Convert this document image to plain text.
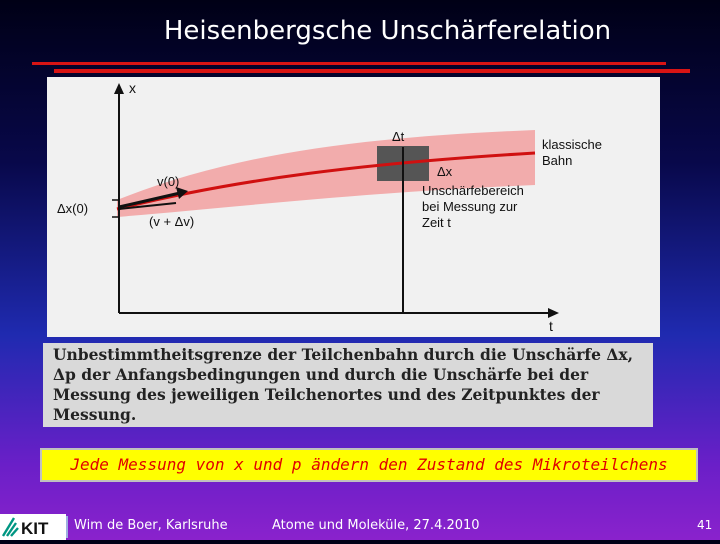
Heisenbergsche Unschärferelation
x
t
v(0)
(v + Δv)
Δx(0)
Δt
Δx
klassische
Bahn
Unschärfebereich
bei Messung zur
Zeit t
Unbestimmtheitsgrenze der Teilchenbahn durch die Unschärfe Δx,
Δp der Anfangsbedingungen und durch die Unschärfe bei der
Messung des jeweiligen Teilchenortes und des Zeitpunktes der
Messung.
Jede Messung von x und p ändern den Zustand des Mikroteilchens
KIT Wim de Boer, Karlsruhe	Atome und Moleküle, 27.4.2010	41
